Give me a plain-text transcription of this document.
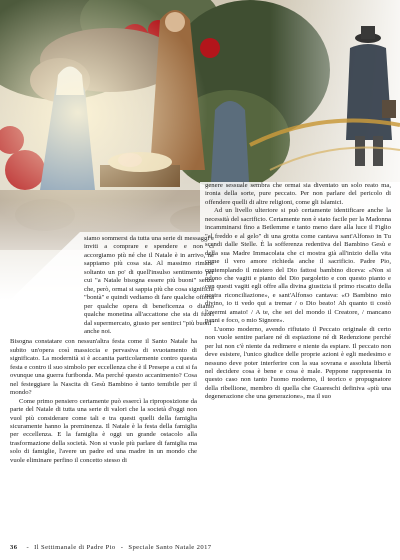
siamo sommersi da tutta una serie di messaggi e inviti a comprare e spendere e non ci accorgiamo più né che il Natale è in arrivo, né sappiamo più cosa sia. Al massimo rimane soltanto un po' di quell'insulso sentimento per cui "a Natale bisogna essere più buoni" senza che, però, ormai si sappia più che cosa significhi "bontà" e quindi vediamo di fare qualche offerta per qualche opera di beneficenza o diamo qualche monetina all'accattone che sta di fuori dal supermercato, giusto per sentirci "più buoni" anche noi.

Bisogna constatare con nessun'altra festa come il Santo Natale ha subito un'opera così massiccia e pervasiva di svuotamento di significato. La modernità si è accanita particolarmente contro questa festa e contro il suo simbolo per eccellenza che è il Presepe a cui si fa ovunque una guerra furibonda. Ma perché questo accanimento? Cosa nel festeggiare la Nascita di Gesù Bambino è tanto temibile per il mondo?

Come primo pensiero certamente può essercì la riproposizione da parte del Natale di tutta una serie di valori che la società d'oggi non vuol più considerare come tali e tra questi quelli della famiglia sicuramente hanno la preminenza. Il Natale è la festa della famiglia per eccellenza. E la famiglia è oggi un grande ostacolo alla trasformazione della società. Non si vuole più parlare di famiglia ma solo di famiglie, l'avere un padre ed una madre in un mondo che vuole eliminare perfino il concetto stesso di

genere sessuale sembra che ormai sia diventato un solo reato ma, ironia della sorte, pure peccato. Per non parlare del pericolo di offendere quelli di altre religioni, come gli islamici.

Ad un livello ulteriore si può certamente identificare anche la necessità del sacrificio. Certamente non è stato facile per la Madonna incamminarsi fino a Betlemme e tanto meno dare alla luce il Figlio "al freddo e al gelo" di una grotta come cantava sant'Alfonso in Tu scendi dalle Stelle. È la sofferenza redentiva del Bambino Gesù e della sua Madre Immacolata che ci mostra già all'inizio della vita come il vero amore richieda anche il sacrificio. Padre Pio, contemplando il mistero del Dio fattosi bambino diceva: «Non si odono che vagiti e pianto del Dio pargoletto e con questo pianto e con questi vagiti egli offre alla divina giustizia il primo riscatto della nostra riconciliazione», e sant'Alfonso cantava: «O Bambino mio divino, io ti vedo qui a tremar / o Dio beato! Ah quanto ti costò l'avermi amato! / A te, che sei del mondo il Creatore, / mancano panni e foco, o mio Signore».

L'uomo moderno, avendo rifiutato il Peccato originale di certo non vuole sentire parlare né di espiazione né di Redenzione perché per lui non c'è niente da redimere e niente da espiare. Il peccato non deve esistere, l'unico giudice delle proprie azioni è egli medesimo e nessuno deve poter interferire con la sua sovrana e assoluta libertà nel decidere cosa è bene e cosa è male. Peppone rappresenta in questo caso non tanto l'uomo moderno, il teorico e propugnatore della ribellione, membro di quella che Guareschi definiva «più una degenerazione che una generazione», ma il suo

36 - Il Settimanale di Padre Pio - Speciale Santo Natale 2017
